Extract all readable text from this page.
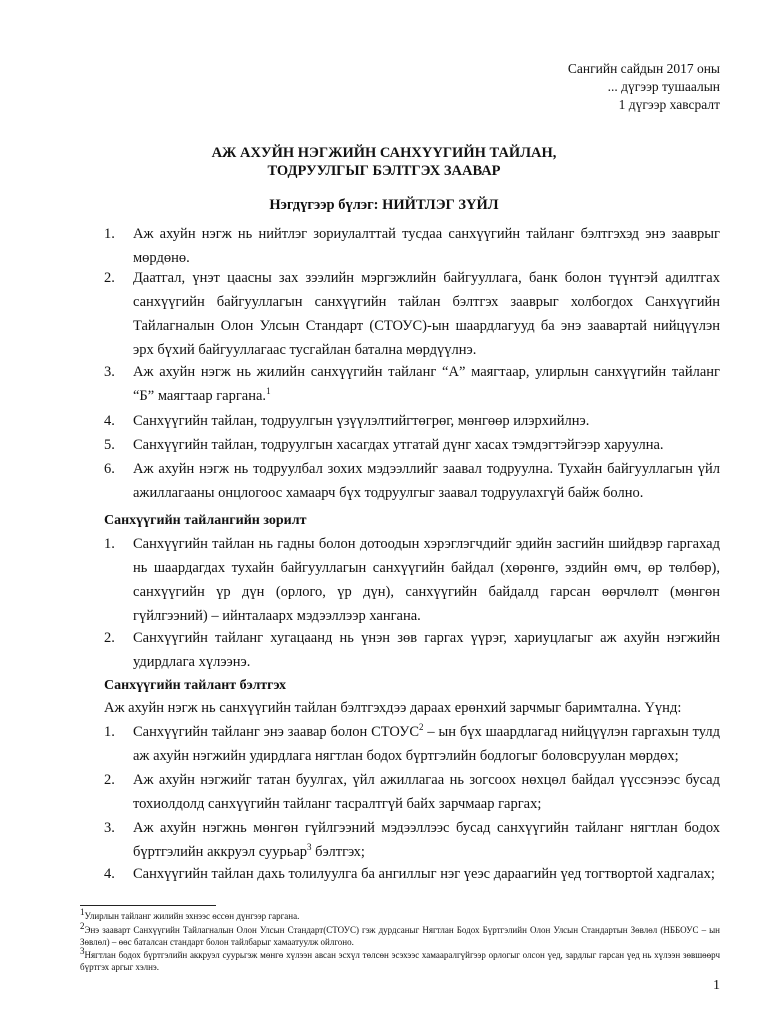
Сангийн сайдын 2017 оны
... дүгээр тушаалын
1 дүгээр хавсралт
АЖ АХУЙН НЭГЖИЙН САНХҮҮГИЙН ТАЙЛАН,
ТОДРУУЛГЫГ БЭЛТГЭХ ЗААВАР
Нэгдүгээр бүлэг: НИЙТЛЭГ ЗҮЙЛ
1.	Аж ахуйн нэгж нь нийтлэг зориулалттай тусдаа санхүүгийн тайланг бэлтгэхэд энэ зааврыг мөрдөнө.
2.	Даатгал, үнэт цаасны зах зээлийн мэргэжлийн байгууллага, банк болон түүнтэй адилтгах санхүүгийн байгууллагын санхүүгийн тайлан бэлтгэх зааврыг холбогдох Санхүүгийн Тайлагналын Олон Улсын Стандарт (СТОУС)-ын шаардлагууд ба энэ заавартай нийцүүлэн эрх бүхий байгууллагаас тусгайлан батална мөрдүүлнэ.
3.	Аж ахуйн нэгж нь жилийн санхүүгийн тайланг “А” маягтаар, улирлын санхүүгийн тайланг “Б” маягтаар гаргана.$^1$
4.	Санхүүгийн тайлан, тодруулгын үзүүлэлтийгтөгрөг, мөнгөөр илэрхийлнэ.
5.	Санхүүгийн тайлан, тодруулгын хасагдах утгатай дүнг хасах тэмдэгтэйгээр харуулна.
6.	Аж ахуйн нэгж нь тодруулбал зохих мэдээллийг заавал тодруулна. Тухайн байгууллагын үйл ажиллагааны онцлогоос хамаарч бүх тодруулгыг заавал тодруулахгүй байж болно.
Санхүүгийн тайлангийн зорилт
1.	Санхүүгийн тайлан нь гадны болон дотоодын хэрэглэгчдийг эдийн засгийн шийдвэр гаргахад нь шаардагдах тухайн байгууллагын санхүүгийн байдал (хөрөнгө, эздийн өмч, өр төлбөр), санхүүгийн үр дүн (орлого, үр дүн), санхүүгийн байдалд гарсан өөрчлөлт (мөнгөн гүйлгээний) – ийнталаарх мэдээллээр хангана.
2.	Санхүүгийн тайланг хугацаанд нь үнэн зөв гаргах үүрэг, хариуцлагыг аж ахуйн нэгжийн удирдлага хүлээнэ.
Санхүүгийн тайлант бэлтгэх
Аж ахуйн нэгж нь санхүүгийн тайлан бэлтгэхдээ дараах ерөнхий зарчмыг баримтална. Үүнд:
1.	Санхүүгийн тайланг энэ заавар болон СТОУС$^2$ – ын бүх шаардлагад нийцүүлэн гаргахын тулд аж ахуйн нэгжийн удирдлага нягтлан бодох бүртгэлийн бодлогыг боловсруулан мөрдөх;
2.	Аж ахуйн нэгжийг татан буулгах, үйл ажиллагаа нь зогсоох нөхцөл байдал үүссэнээс бусад тохиолдолд санхүүгийн тайланг тасралтгүй байх зарчмаар гаргах;
3.	Аж ахуйн нэгжнь мөнгөн гүйлгээний мэдээллээс бусад санхүүгийн тайланг нягтлан бодох бүртгэлийн аккруэл суурьар$^3$ бэлтгэх;
4.	Санхүүгийн тайлан дахь толилуулга ба ангиллыг нэг үеэс дараагийн үед тогтвортой хадгалах;
$^1$Улирлын тайланг жилийн эхнээс өссөн дүнгээр гаргана.
$^2$Энэ заавaрт Санхүүгийн Тайлагналын Олон Улсын Стандарт(СТОУС) гэж дурдсаныг Нягтлан Бодох Бүртгэлийн Олон Улсын Стандартын Зөвлөл (НББОУС – ын Зөвлөл) – өөс баталсан стандарт болон тайлбарыг хамаатуулж ойлгоно.
$^3$Нягтлан бодох бүртгэлийн аккруэл суурьгэж мөнгө хүлээн авсан эсхүл төлсөн эсэхээс хамааралгүйгээр орлогыг олсон үед, зардлыг гарсан үед нь хүлээн зөвшөөрч бүртгэх аргыг хэлнэ.
1
